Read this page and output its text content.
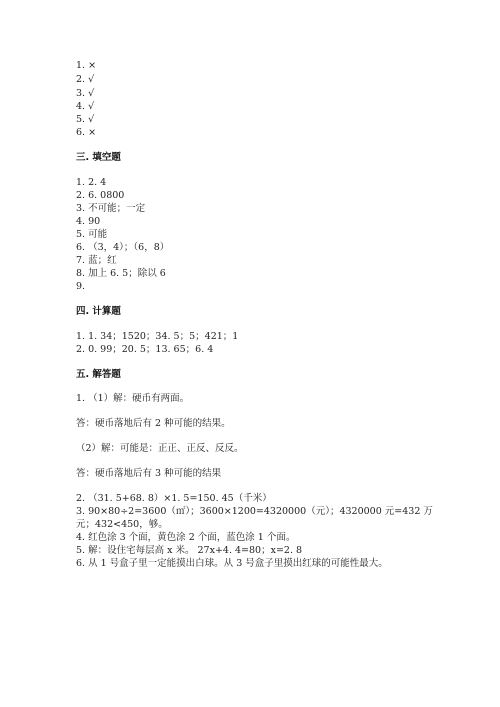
1. ×
2. √
3. √
4. √
5. √
6. ×
三. 填空题
1. 2. 4
2. 6. 0800
3. 不可能；一定
4. 90
5. 可能
6. （3，4）；（6，8）
7. 蓝；红
8. 加上 6. 5；除以 6
9.
四. 计算题
1. 1. 34；1520；34. 5；5；421；1
2. 0. 99；20. 5；13. 65；6. 4
五. 解答题
1. （1）解：硬币有两面。
答：硬币落地后有 2 种可能的结果。
（2）解：可能是：正正、正反、反反。
答：硬币落地后有 3 种可能的结果
2. （31. 5+68. 8）×1. 5=150. 45（千米）
3. 90×80÷2=3600（㎡）；3600×1200=4320000（元）；4320000 元=432 万
元；432<450，够。
4. 红色涂 3 个面，黄色涂 2 个面，蓝色涂 1 个面。
5. 解：设住宅每层高 x 米。 27x+4. 4=80；x=2. 8
6. 从 1 号盒子里一定能摸出白球。从 3 号盒子里摸出红球的可能性最大。
